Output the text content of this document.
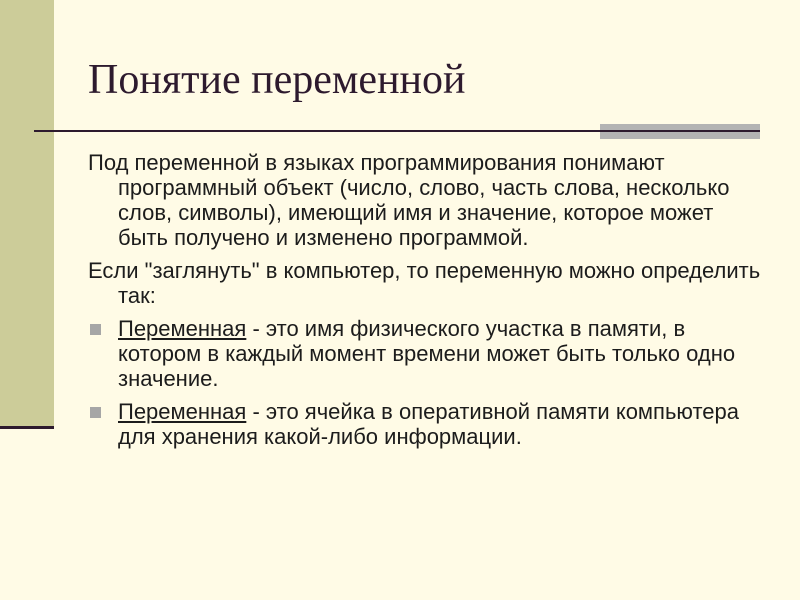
Понятие переменной

Под переменной в языках программирования понимают программный объект (число, слово, часть слова, несколько слов, символы), имеющий имя и значение, которое может быть получено и изменено программой.

Если "заглянуть" в компьютер, то переменную можно определить так:

Переменная - это имя физического участка в памяти, в котором в каждый момент времени может быть только одно значение.
Переменная - это ячейка в оперативной памяти компьютера для хранения какой-либо информации.
